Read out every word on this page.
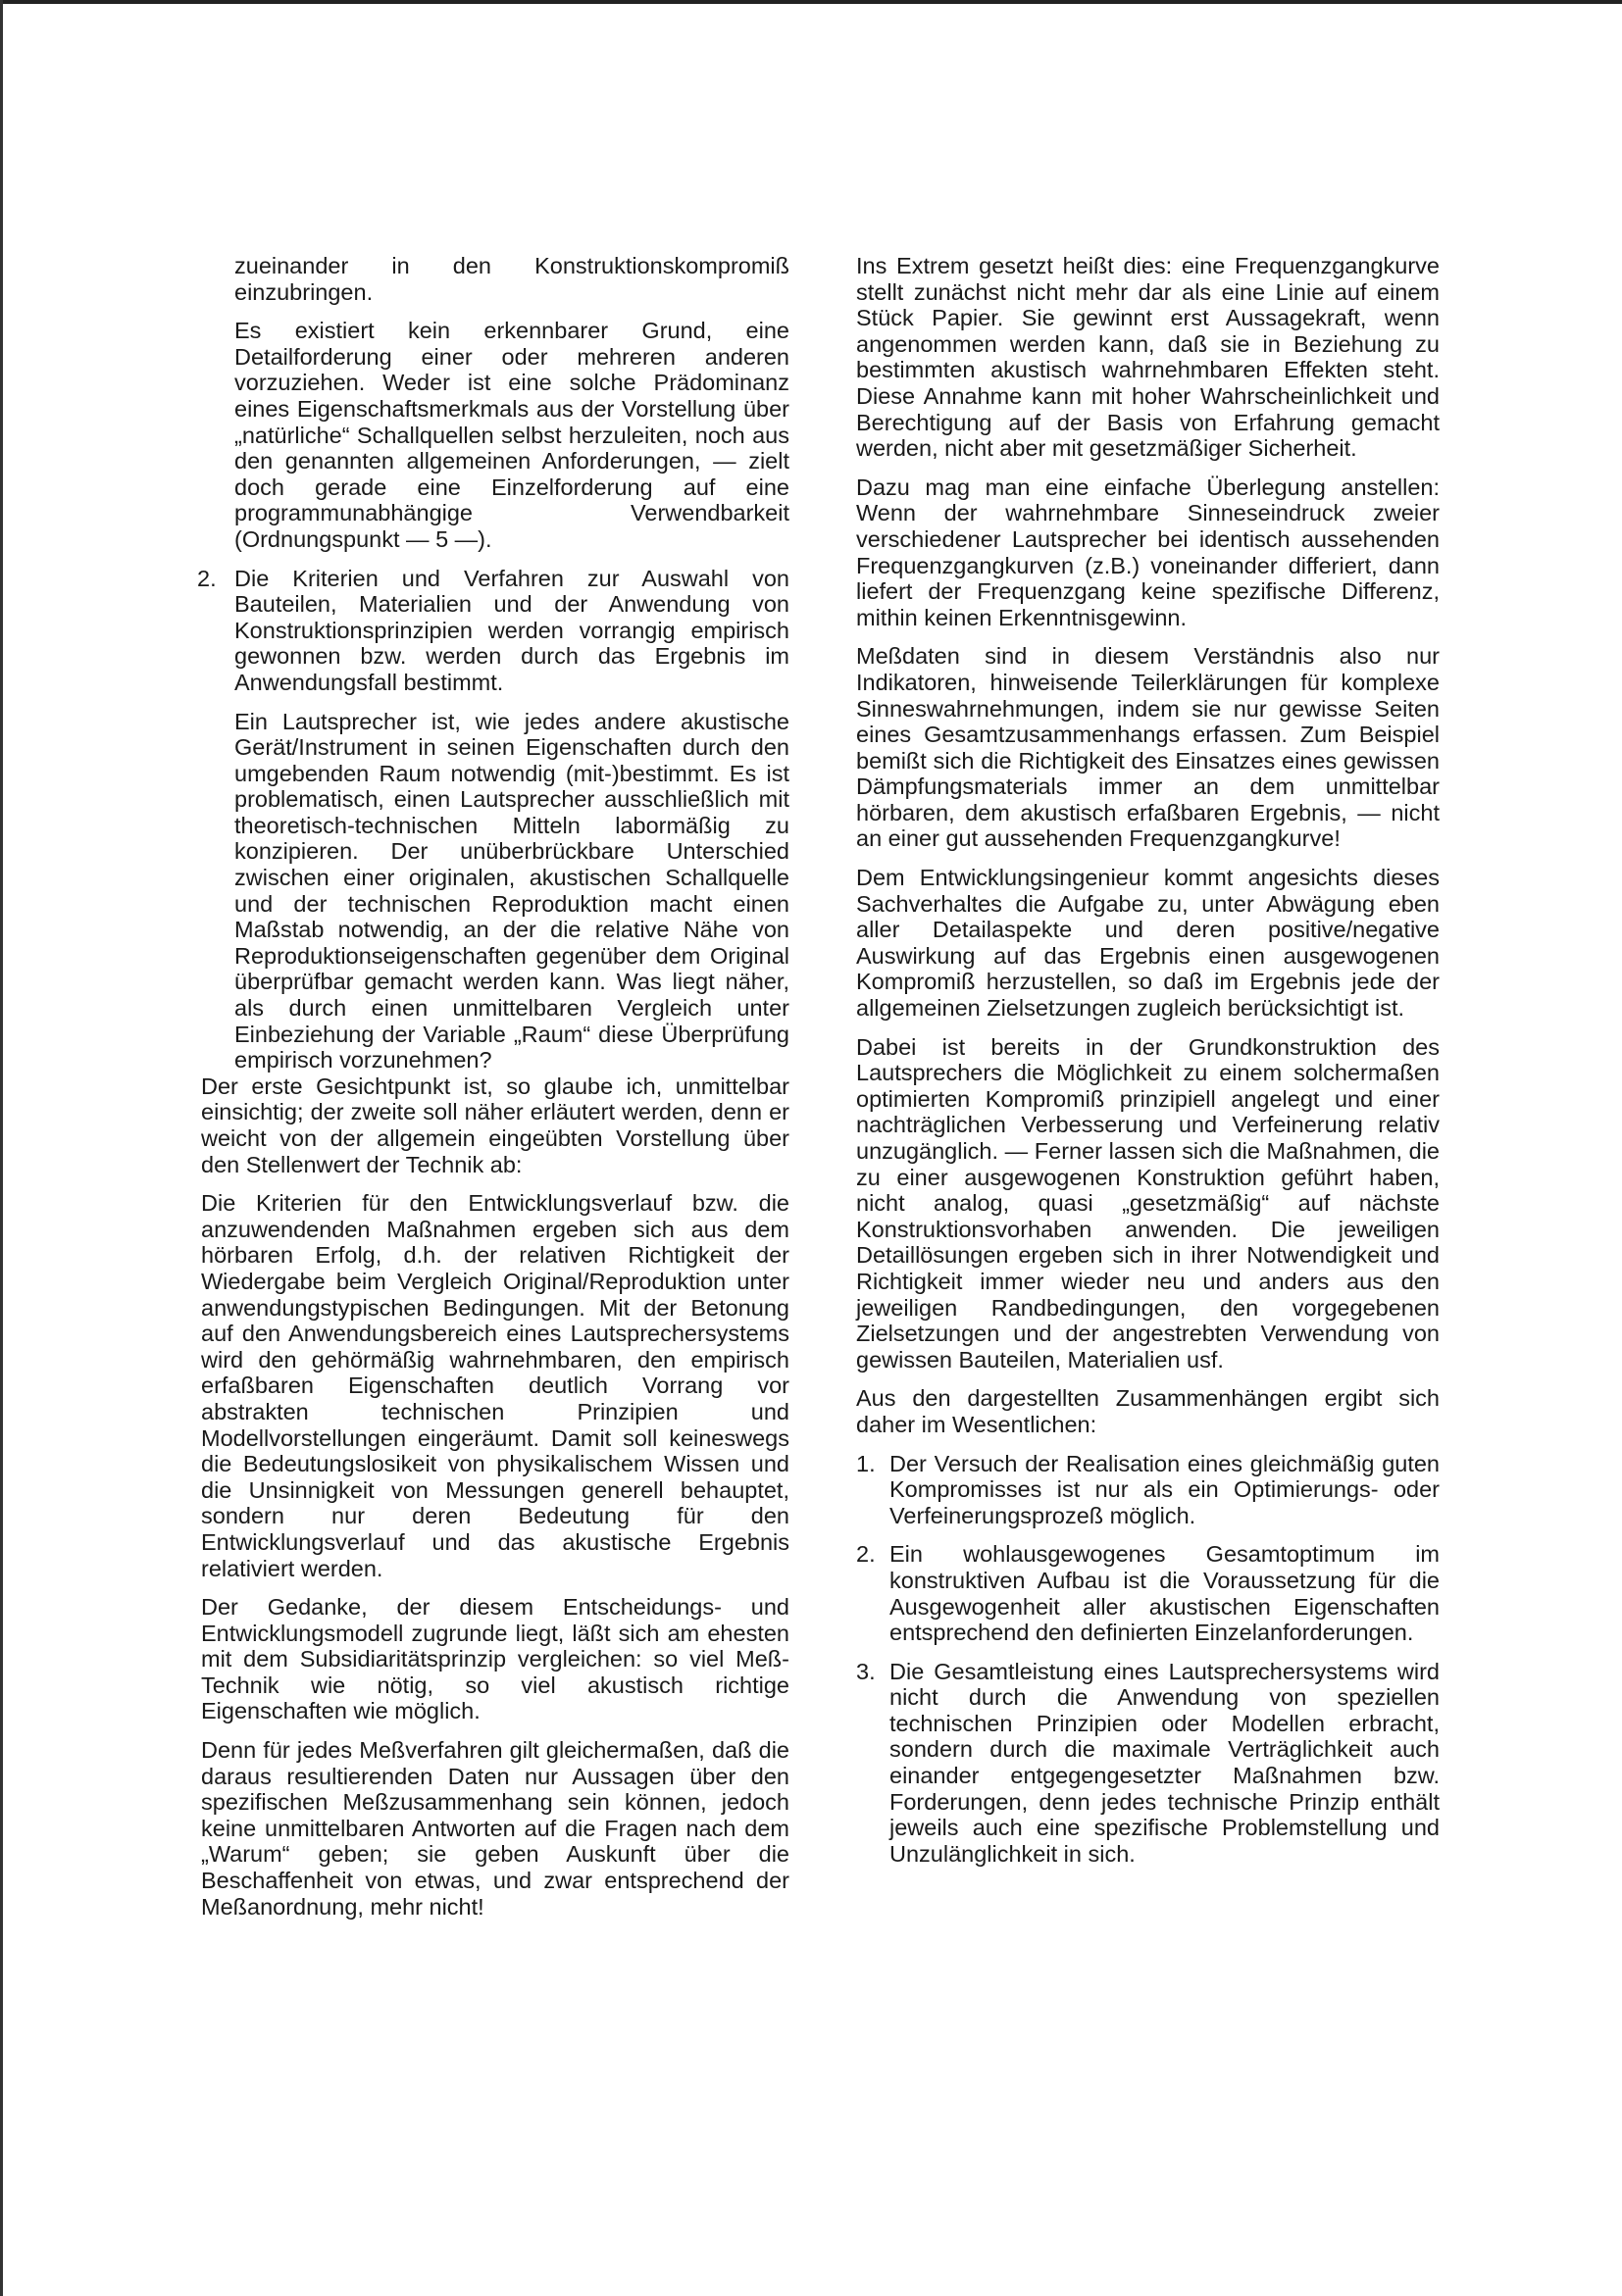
zueinander in den Konstruktionskompromiß einzubringen.

Es existiert kein erkennbarer Grund, eine Detailforderung einer oder mehreren anderen vorzuziehen. Weder ist eine solche Prädominanz eines Eigenschaftsmerkmals aus der Vorstellung über „natürliche“ Schallquellen selbst herzuleiten, noch aus den genannten allgemeinen Anforderungen, — zielt doch gerade eine Einzelforderung auf eine programmunabhängige Verwendbarkeit (Ordnungspunkt — 5 —).

2. Die Kriterien und Verfahren zur Auswahl von Bauteilen, Materialien und der Anwendung von Konstruktionsprinzipien werden vorrangig empirisch gewonnen bzw. werden durch das Ergebnis im Anwendungsfall bestimmt.

Ein Lautsprecher ist, wie jedes andere akustische Gerät/Instrument in seinen Eigenschaften durch den umgebenden Raum notwendig (mit-)bestimmt. Es ist problematisch, einen Lautsprecher ausschließlich mit theoretisch-technischen Mitteln labormäßig zu konzipieren. Der unüberbrückbare Unterschied zwischen einer originalen, akustischen Schallquelle und der technischen Reproduktion macht einen Maßstab notwendig, an der die relative Nähe von Reproduktionseigenschaften gegenüber dem Original überprüfbar gemacht werden kann. Was liegt näher, als durch einen unmittelbaren Vergleich unter Einbeziehung der Variable „Raum“ diese Überprüfung empirisch vorzunehmen?

Der erste Gesichtpunkt ist, so glaube ich, unmittelbar einsichtig; der zweite soll näher erläutert werden, denn er weicht von der allgemein eingeübten Vorstellung über den Stellenwert der Technik ab:

Die Kriterien für den Entwicklungsverlauf bzw. die anzuwendenden Maßnahmen ergeben sich aus dem hörbaren Erfolg, d.h. der relativen Richtigkeit der Wiedergabe beim Vergleich Original/Reproduktion unter anwendungstypischen Bedingungen. Mit der Betonung auf den Anwendungsbereich eines Lautsprechersystems wird den gehörmäßig wahrnehmbaren, den empirisch erfaßbaren Eigenschaften deutlich Vorrang vor abstrakten technischen Prinzipien und Modellvorstellungen eingeräumt. Damit soll keineswegs die Bedeutungslosikeit von physikalischem Wissen und die Unsinnigkeit von Messungen generell behauptet, sondern nur deren Bedeutung für den Entwicklungsverlauf und das akustische Ergebnis relativiert werden.

Der Gedanke, der diesem Entscheidungs- und Entwicklungsmodell zugrunde liegt, läßt sich am ehesten mit dem Subsidiaritätsprinzip vergleichen: so viel Meß-Technik wie nötig, so viel akustisch richtige Eigenschaften wie möglich.

Denn für jedes Meßverfahren gilt gleichermaßen, daß die daraus resultierenden Daten nur Aussagen über den spezifischen Meßzusammenhang sein können, jedoch keine unmittelbaren Antworten auf die Fragen nach dem „Warum“ geben; sie geben Auskunft über die Beschaffenheit von etwas, und zwar entsprechend der Meßanordnung, mehr nicht!

Ins Extrem gesetzt heißt dies: eine Frequenzgangkurve stellt zunächst nicht mehr dar als eine Linie auf einem Stück Papier. Sie gewinnt erst Aussagekraft, wenn angenommen werden kann, daß sie in Beziehung zu bestimmten akustisch wahrnehmbaren Effekten steht. Diese Annahme kann mit hoher Wahrscheinlichkeit und Berechtigung auf der Basis von Erfahrung gemacht werden, nicht aber mit gesetzmäßiger Sicherheit.

Dazu mag man eine einfache Überlegung anstellen: Wenn der wahrnehmbare Sinneseindruck zweier verschiedener Lautsprecher bei identisch aussehenden Frequenzgangkurven (z.B.) voneinander differiert, dann liefert der Frequenzgang keine spezifische Differenz, mithin keinen Erkenntnisgewinn.

Meßdaten sind in diesem Verständnis also nur Indikatoren, hinweisende Teilerklärungen für komplexe Sinneswahrnehmungen, indem sie nur gewisse Seiten eines Gesamtzusammenhangs erfassen. Zum Beispiel bemißt sich die Richtigkeit des Einsatzes eines gewissen Dämpfungsmaterials immer an dem unmittelbar hörbaren, dem akustisch erfaßbaren Ergebnis, — nicht an einer gut aussehenden Frequenzgangkurve!

Dem Entwicklungsingenieur kommt angesichts dieses Sachverhaltes die Aufgabe zu, unter Abwägung eben aller Detailaspekte und deren positive/negative Auswirkung auf das Ergebnis einen ausgewogenen Kompromiß herzustellen, so daß im Ergebnis jede der allgemeinen Zielsetzungen zugleich berücksichtigt ist.

Dabei ist bereits in der Grundkonstruktion des Lautsprechers die Möglichkeit zu einem solchermaßen optimierten Kompromiß prinzipiell angelegt und einer nachträglichen Verbesserung und Verfeinerung relativ unzugänglich. — Ferner lassen sich die Maßnahmen, die zu einer ausgewogenen Konstruktion geführt haben, nicht analog, quasi „gesetzmäßig“ auf nächste Konstruktionsvorhaben anwenden. Die jeweiligen Detaillösungen ergeben sich in ihrer Notwendigkeit und Richtigkeit immer wieder neu und anders aus den jeweiligen Randbedingungen, den vorgegebenen Zielsetzungen und der angestrebten Verwendung von gewissen Bauteilen, Materialien usf.

Aus den dargestellten Zusammenhängen ergibt sich daher im Wesentlichen:

1. Der Versuch der Realisation eines gleichmäßig guten Kompromisses ist nur als ein Optimierungs- oder Verfeinerungsprozeß möglich.
2. Ein wohlausgewogenes Gesamtoptimum im konstruktiven Aufbau ist die Voraussetzung für die Ausgewogenheit aller akustischen Eigenschaften entsprechend den definierten Einzelanforderungen.
3. Die Gesamtleistung eines Lautsprechersystems wird nicht durch die Anwendung von speziellen technischen Prinzipien oder Modellen erbracht, sondern durch die maximale Verträglichkeit auch einander entgegengesetzter Maßnahmen bzw. Forderungen, denn jedes technische Prinzip enthält jeweils auch eine spezifische Problemstellung und Unzulänglichkeit in sich.
